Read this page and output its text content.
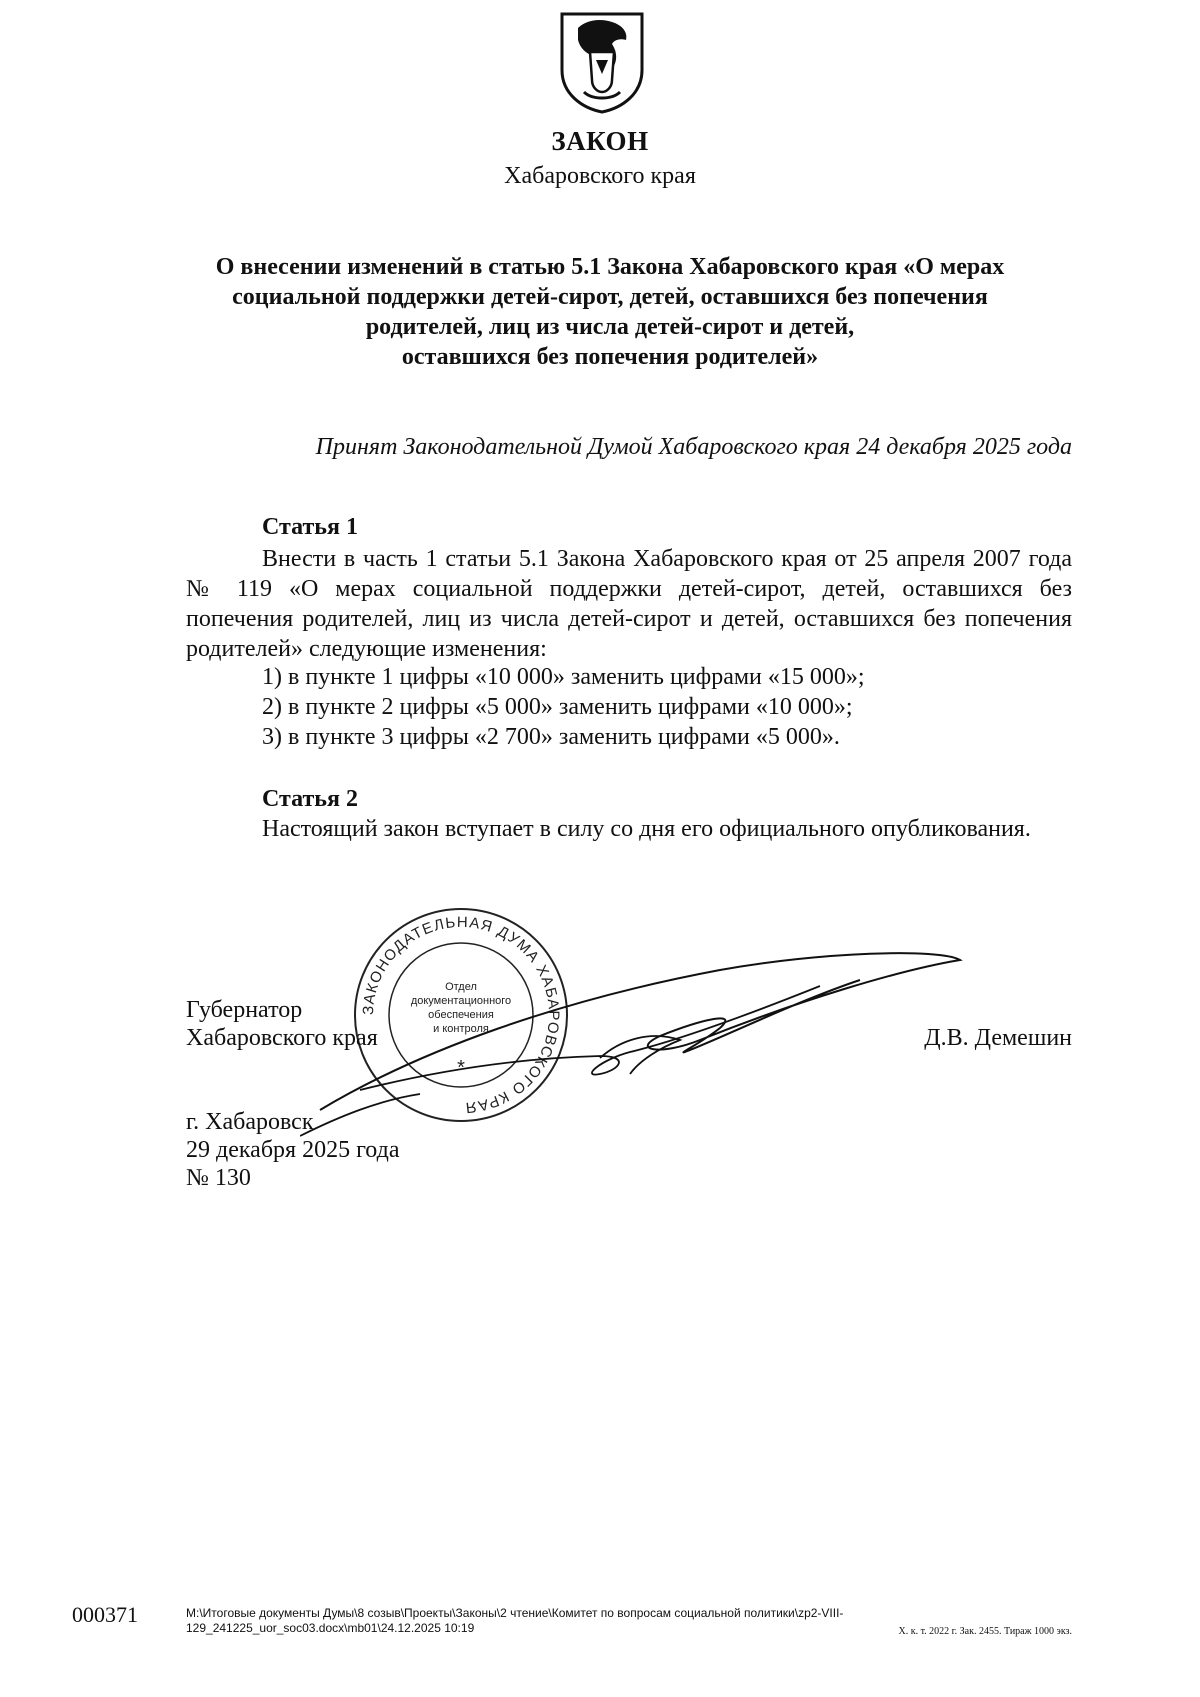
ЗАКОН
Хабаровского края
О внесении изменений в статью 5.1 Закона Хабаровского края «О мерах
социальной поддержки детей-сирот, детей, оставшихся без попечения
родителей, лиц из числа детей-сирот и детей,
оставшихся без попечения родителей»
Принят Законодательной Думой Хабаровского края 24 декабря 2025 года
Статья 1
Внести в часть 1 статьи 5.1 Закона Хабаровского края от 25 апреля 2007 года № 119 «О мерах социальной поддержки детей-сирот, детей, оставшихся без попечения родителей, лиц из числа детей-сирот и детей, оставшихся без попечения родителей» следующие изменения:
1) в пункте 1 цифры «10 000» заменить цифрами «15 000»;
2) в пункте 2 цифры «5 000» заменить цифрами «10 000»;
3) в пункте 3 цифры «2 700» заменить цифрами «5 000».
Статья 2
Настоящий закон вступает в силу со дня его официального опубликования.
ЗАКОНОДАТЕЛЬНАЯ ДУМА ХАБАРОВСКОГО КРАЯ
Отдел
документационного
обеспечения
и контроля
*
Губернатор
Хабаровского края	Д.В. Демешин
г. Хабаровск
29 декабря 2025 года
№ 130
000371	M:\Итоговые документы Думы\8 созыв\Проекты\Законы\2 чтение\Комитет по вопросам социальной политики\zp2-VIII-
129_241225_uor_soc03.docx\mb01\24.12.2025 10:19	Х. к. т. 2022 г. Зак. 2455. Тираж 1000 экз.
